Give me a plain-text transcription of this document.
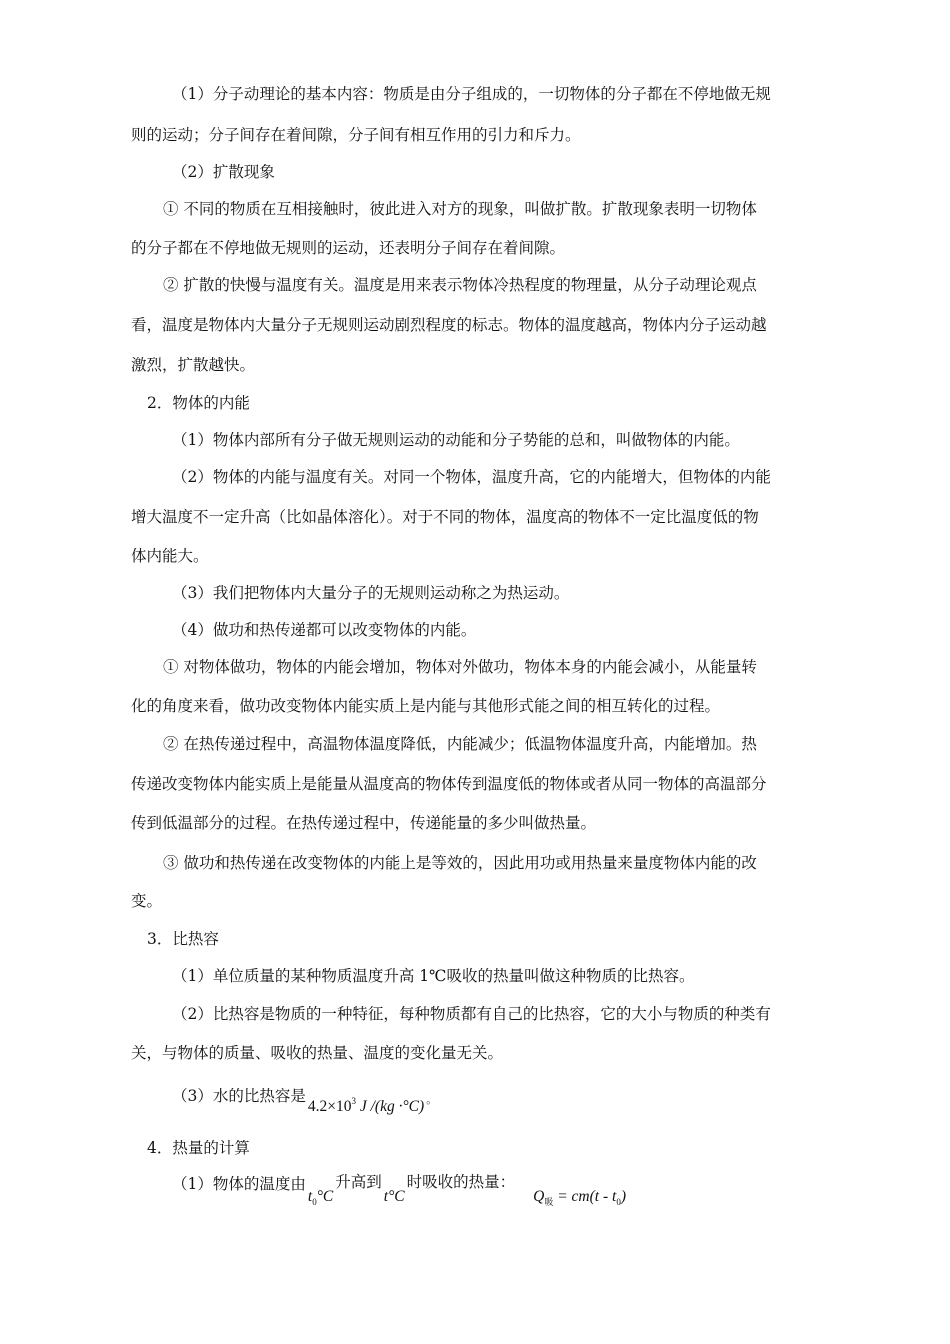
（1）分子动理论的基本内容：物质是由分子组成的，一切物体的分子都在不停地做无规
则的运动；分子间存在着间隙，分子间有相互作用的引力和斥力。
（2）扩散现象
① 不同的物质在互相接触时，彼此进入对方的现象，叫做扩散。扩散现象表明一切物体
的分子都在不停地做无规则的运动，还表明分子间存在着间隙。
② 扩散的快慢与温度有关。温度是用来表示物体冷热程度的物理量，从分子动理论观点
看，温度是物体内大量分子无规则运动剧烈程度的标志。物体的温度越高，物体内分子运动越
激烈，扩散越快。
2．物体的内能
（1）物体内部所有分子做无规则运动的动能和分子势能的总和，叫做物体的内能。
（2）物体的内能与温度有关。对同一个物体，温度升高，它的内能增大，但物体的内能
增大温度不一定升高（比如晶体溶化）。对于不同的物体，温度高的物体不一定比温度低的物
体内能大。
（3）我们把物体内大量分子的无规则运动称之为热运动。
（4）做功和热传递都可以改变物体的内能。
① 对物体做功，物体的内能会增加，物体对外做功，物体本身的内能会减小，从能量转
化的角度来看，做功改变物体内能实质上是内能与其他形式能之间的相互转化的过程。
② 在热传递过程中，高温物体温度降低，内能减少；低温物体温度升高，内能增加。热
传递改变物体内能实质上是能量从温度高的物体传到温度低的物体或者从同一物体的高温部分
传到低温部分的过程。在热传递过程中，传递能量的多少叫做热量。
③ 做功和热传递在改变物体的内能上是等效的，因此用功或用热量来量度物体内能的改
变。
3．比热容
（1）单位质量的某种物质温度升高 1℃吸收的热量叫做这种物质的比热容。
（2）比热容是物质的一种特征，每种物质都有自己的比热容，它的大小与物质的种类有
关，与物体的质量、吸收的热量、温度的变化量无关。
（3）水的比热容是$4.2\times 10^3$ J /(kg ·°C) 。
4．热量的计算
（1）物体的温度由$t_0^\circ C$升高到t°C时吸收的热量：$Q_吸 = cm(t - t_0)$
